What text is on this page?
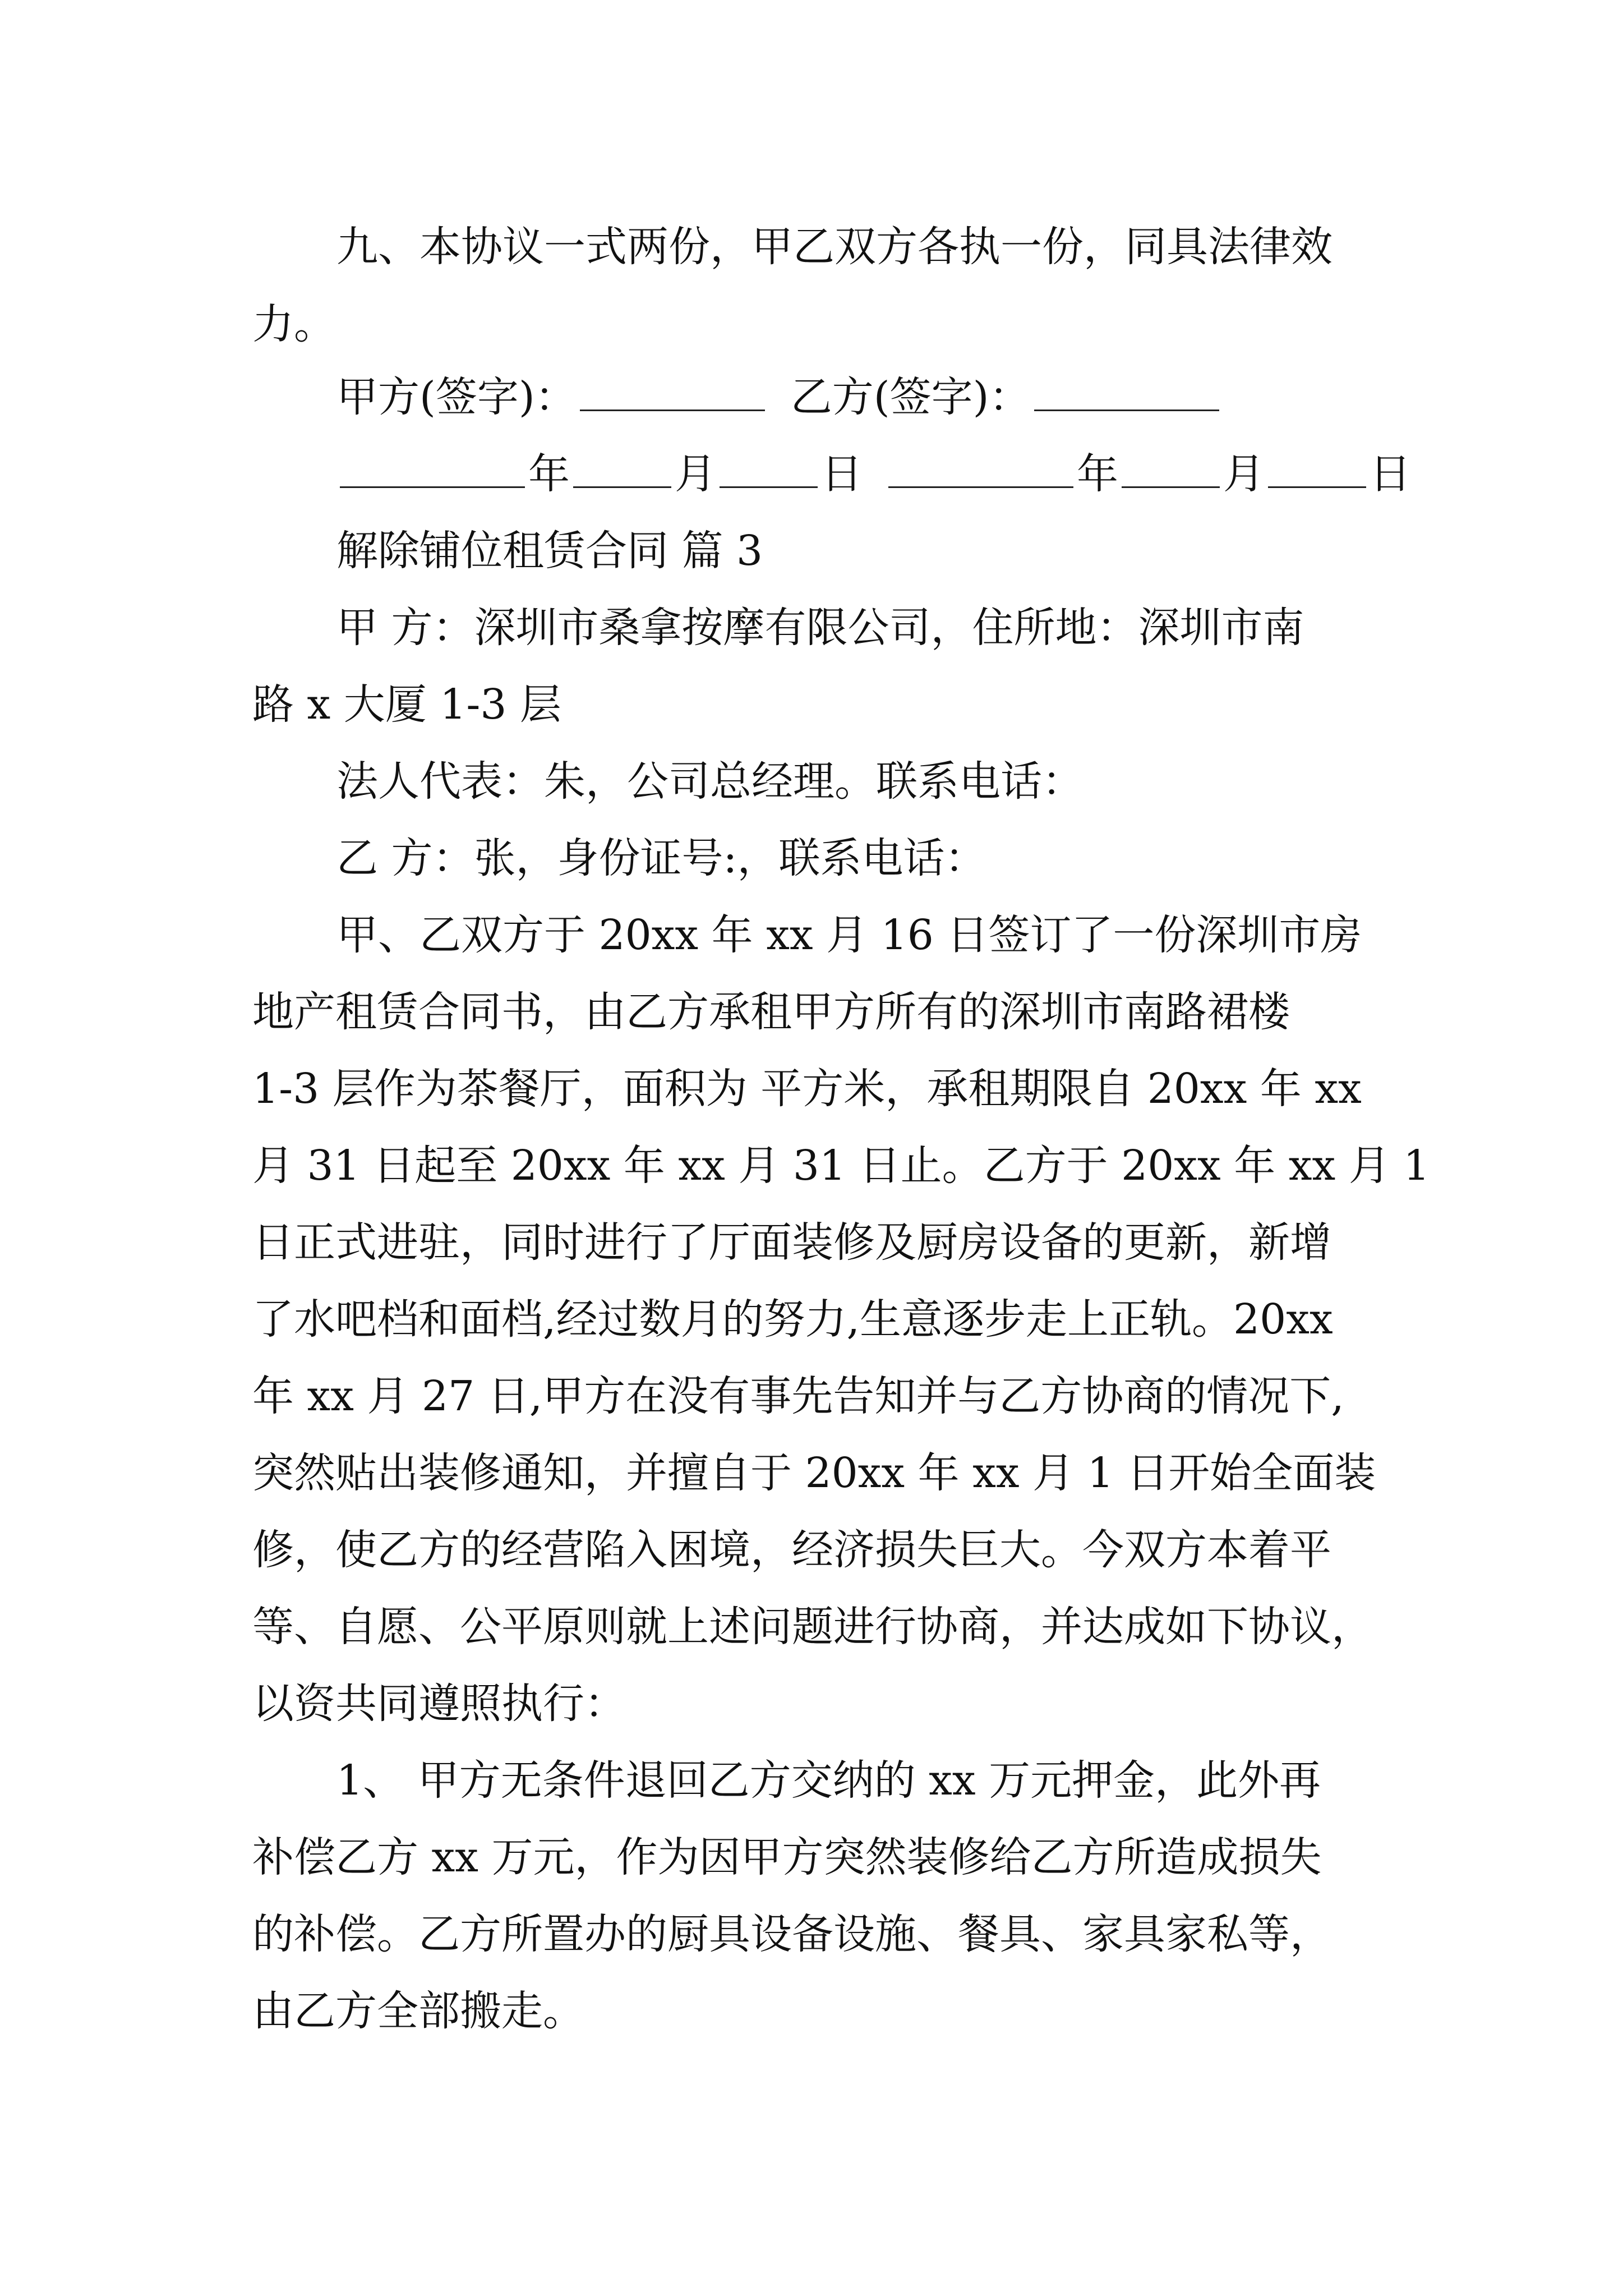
九、本协议一式两份，甲乙双方各执一份，同具法律效
力。
甲方(签字)：	乙方(签字)：
年	月	日	年	月	日
解除铺位租赁合同 篇 3
甲 方：深圳市桑拿按摩有限公司，住所地：深圳市南
路 x 大厦 1-3 层
法人代表：朱，公司总经理。联系电话：
乙 方：张，身份证号:，联系电话：
甲、乙双方于 20xx 年 xx 月 16 日签订了一份深圳市房
地产租赁合同书，由乙方承租甲方所有的深圳市南路裙楼
1-3 层作为茶餐厅，面积为 平方米，承租期限自 20xx 年 xx
月 31 日起至 20xx 年 xx 月 31 日止。乙方于 20xx 年 xx 月 1
日正式进驻，同时进行了厅面装修及厨房设备的更新，新增
了水吧档和面档,经过数月的努力,生意逐步走上正轨。20xx
年 xx 月 27 日,甲方在没有事先告知并与乙方协商的情况下,
突然贴出装修通知，并擅自于 20xx 年 xx 月 1 日开始全面装
修，使乙方的经营陷入困境，经济损失巨大。今双方本着平
等、自愿、公平原则就上述问题进行协商，并达成如下协议，
以资共同遵照执行：
1、 甲方无条件退回乙方交纳的 xx 万元押金，此外再
补偿乙方 xx 万元，作为因甲方突然装修给乙方所造成损失
的补偿。乙方所置办的厨具设备设施、餐具、家具家私等，
由乙方全部搬走。
